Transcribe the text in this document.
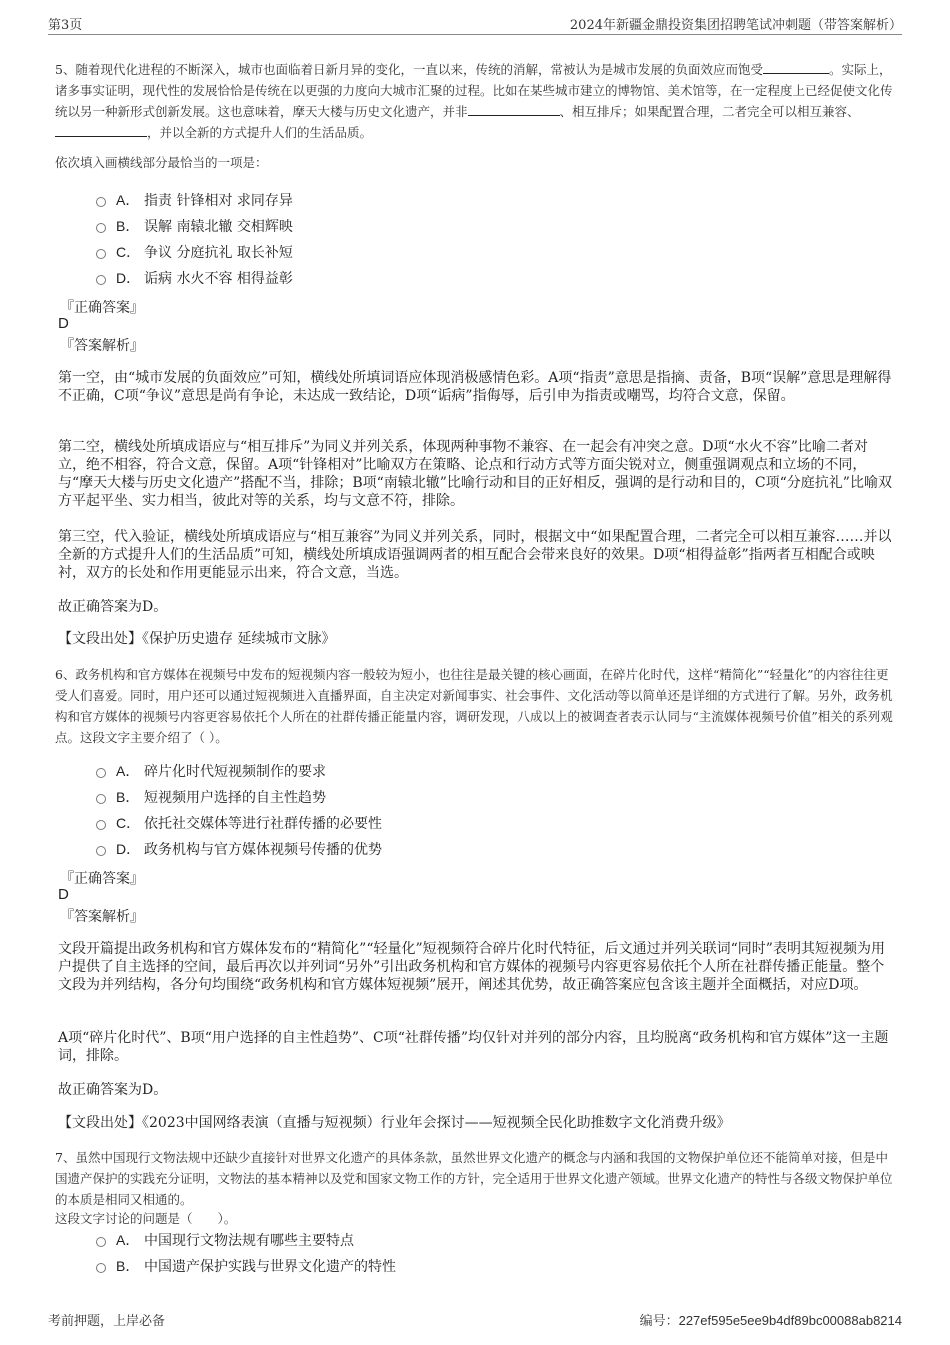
第3页	2024年新疆金鼎投资集团招聘笔试冲刺题（带答案解析）

5、随着现代化进程的不断深入，城市也面临着日新月异的变化，一直以来，传统的消解，常被认为是城市发展的负面效应而饱受	。实际上，诸多事实证明，现代性的发展恰恰是传统在以更强的力度向大城市汇聚的过程。比如在某些城市建立的博物馆、美术馆等，在一定程度上已经促使文化传统以另一种新形式创新发展。这也意味着，摩天大楼与历史文化遗产，并非	、相互排斥；如果配置合理，二者完全可以相互兼容、，并以全新的方式提升人们的生活品质。

依次填入画横线部分最恰当的一项是：
A． 指责 针锋相对 求同存异
B． 误解 南辕北辙 交相辉映
C． 争议 分庭抗礼 取长补短
D． 诟病 水火不容 相得益彰
『正确答案』
D
『答案解析』

第一空，由“城市发展的负面效应”可知，横线处所填词语应体现消极感情色彩。A项“指责”意思是指摘、责备，B项“误解”意思是理解得不正确，C项“争议”意思是尚有争论，未达成一致结论，D项“诟病”指侮辱，后引申为指责或嘲骂，均符合文意，保留。

第二空，横线处所填成语应与“相互排斥”为同义并列关系，体现两种事物不兼容、在一起会有冲突之意。D项“水火不容”比喻二者对立，绝不相容，符合文意，保留。A项“针锋相对”比喻双方在策略、论点和行动方式等方面尖锐对立，侧重强调观点和立场的不同，与“摩天大楼与历史文化遗产”搭配不当，排除；B项“南辕北辙”比喻行动和目的正好相反，强调的是行动和目的，C项“分庭抗礼”比喻双方平起平坐、实力相当，彼此对等的关系，均与文意不符，排除。

第三空，代入验证，横线处所填成语应与“相互兼容”为同义并列关系，同时，根据文中“如果配置合理，二者完全可以相互兼容……并以全新的方式提升人们的生活品质”可知，横线处所填成语强调两者的相互配合会带来良好的效果。D项“相得益彰”指两者互相配合或映衬，双方的长处和作用更能显示出来，符合文意，当选。

故正确答案为D。

【文段出处】《保护历史遗存 延续城市文脉》

6、政务机构和官方媒体在视频号中发布的短视频内容一般较为短小，也往往是最关键的核心画面，在碎片化时代，这样“精简化”“轻量化”的内容往往更受人们喜爱。同时，用户还可以通过短视频进入直播界面，自主决定对新闻事实、社会事件、文化活动等以简单还是详细的方式进行了解。另外，政务机构和官方媒体的视频号内容更容易依托个人所在的社群传播正能量内容，调研发现，八成以上的被调查者表示认同与“主流媒体视频号价值”相关的系列观点。这段文字主要介绍了（ ）。

A． 碎片化时代短视频制作的要求
B． 短视频用户选择的自主性趋势
C． 依托社交媒体等进行社群传播的必要性
D． 政务机构与官方媒体视频号传播的优势
『正确答案』
D
『答案解析』

文段开篇提出政务机构和官方媒体发布的“精简化”“轻量化”短视频符合碎片化时代特征，后文通过并列关联词“同时”表明其短视频为用户提供了自主选择的空间，最后再次以并列词“另外”引出政务机构和官方媒体的视频号内容更容易依托个人所在社群传播正能量。整个文段为并列结构，各分句均围绕“政务机构和官方媒体短视频”展开，阐述其优势，故正确答案应包含该主题并全面概括，对应D项。

A项“碎片化时代”、B项“用户选择的自主性趋势”、C项“社群传播”均仅针对并列的部分内容，且均脱离“政务机构和官方媒体”这一主题词，排除。

故正确答案为D。

【文段出处】《2023中国网络表演（直播与短视频）行业年会探讨——短视频全民化助推数字文化消费升级》

7、虽然中国现行文物法规中还缺少直接针对世界文化遗产的具体条款，虽然世界文化遗产的概念与内涵和我国的文物保护单位还不能简单对接，但是中国遗产保护的实践充分证明，文物法的基本精神以及党和国家文物工作的方针，完全适用于世界文化遗产领域。世界文化遗产的特性与各级文物保护单位的本质是相同又相通的。

这段文字讨论的问题是（　　）。
A． 中国现行文物法规有哪些主要特点
B． 中国遗产保护实践与世界文化遗产的特性
考前押题，上岸必备	编号：227ef595e5ee9b4df89bc00088ab8214
